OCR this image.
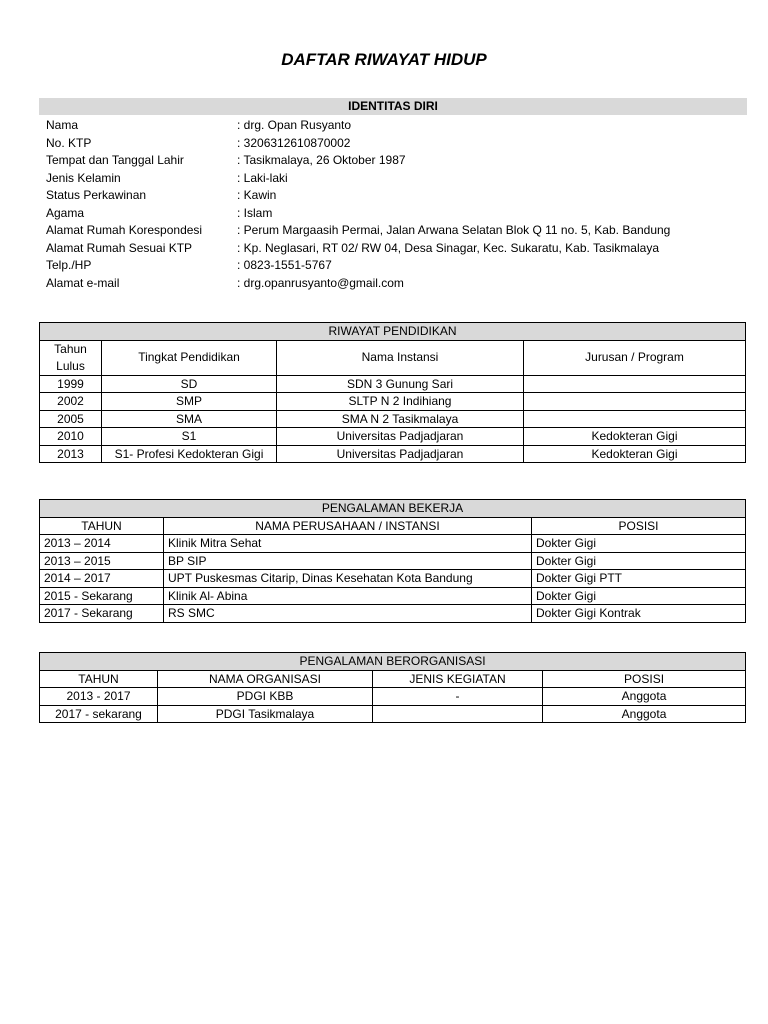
DAFTAR RIWAYAT HIDUP
IDENTITAS DIRI
Nama	: drg. Opan Rusyanto
No. KTP	: 3206312610870002
Tempat dan Tanggal Lahir	: Tasikmalaya, 26 Oktober 1987
Jenis Kelamin	: Laki-laki
Status Perkawinan	: Kawin
Agama	: Islam
Alamat Rumah Korespondesi	: Perum Margaasih Permai, Jalan Arwana Selatan Blok Q 11 no. 5, Kab. Bandung
Alamat Rumah Sesuai KTP	: Kp. Neglasari, RT 02/ RW 04, Desa Sinagar, Kec. Sukaratu, Kab. Tasikmalaya
Telp./HP	: 0823-1551-5767
Alamat e-mail	: drg.opanrusyanto@gmail.com
RIWAYAT PENDIDIKAN			
Tahun Lulus	Tingkat Pendidikan	Nama Instansi	Jurusan / Program
1999	SD	SDN 3 Gunung Sari	
2002	SMP	SLTP N 2 Indihiang	
2005	SMA	SMA N 2 Tasikmalaya	
2010	S1	Universitas Padjadjaran	Kedokteran Gigi
2013	S1- Profesi Kedokteran Gigi	Universitas Padjadjaran	Kedokteran Gigi
PENGALAMAN BEKERJA		
TAHUN	NAMA PERUSAHAAN / INSTANSI	POSISI
2013 – 2014	Klinik Mitra Sehat	Dokter Gigi
2013 – 2015	BP SIP	Dokter Gigi
2014 – 2017	UPT Puskesmas Citarip, Dinas Kesehatan Kota Bandung	Dokter Gigi PTT
2015 - Sekarang	Klinik Al- Abina	Dokter Gigi
2017 - Sekarang	RS SMC	Dokter Gigi Kontrak
PENGALAMAN BERORGANISASI			
TAHUN	NAMA ORGANISASI	JENIS KEGIATAN	POSISI
2013 - 2017	PDGI KBB	-	Anggota
2017 - sekarang	PDGI Tasikmalaya		Anggota
